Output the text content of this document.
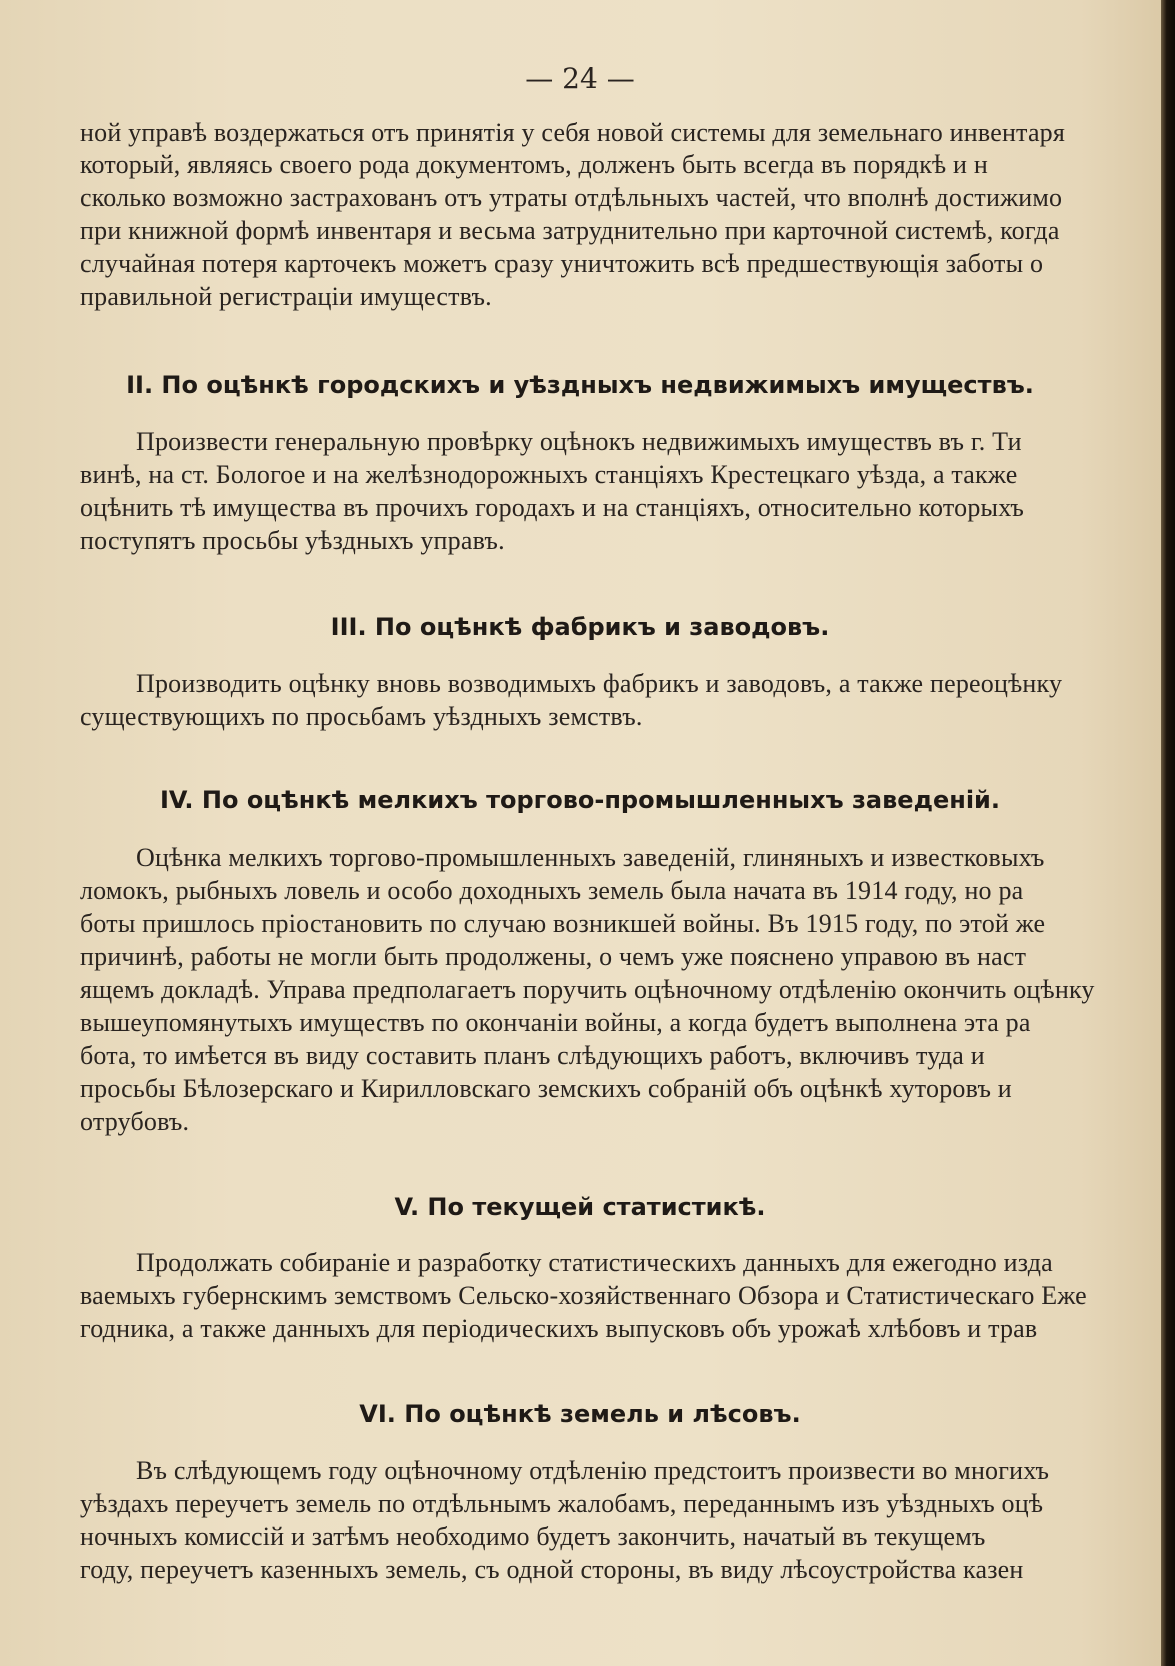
— 24 —
ной управѣ воздержаться отъ принятія у себя новой системы для земельнаго инвентаря
который, являясь своего рода документомъ, долженъ быть всегда въ порядкѣ и н
сколько возможно застрахованъ отъ утраты отдѣльныхъ частей, что вполнѣ достижимо
при книжной формѣ инвентаря и весьма затруднительно при карточной системѣ, когда
случайная потеря карточекъ можетъ сразу уничтожить всѣ предшествующія заботы о
правильной регистраціи имуществъ.
II. По оцѣнкѣ городскихъ и уѣздныхъ недвижимыхъ имуществъ.
Произвести генеральную провѣрку оцѣнокъ недвижимыхъ имуществъ въ г. Ти
винѣ, на ст. Бологое и на желѣзнодорожныхъ станціяхъ Крестецкаго уѣзда, а также
оцѣнить тѣ имущества въ прочихъ городахъ и на станціяхъ, относительно которыхъ
поступятъ просьбы уѣздныхъ управъ.
III. По оцѣнкѣ фабрикъ и заводовъ.
Производить оцѣнку вновь возводимыхъ фабрикъ и заводовъ, а также переоцѣнку
существующихъ по просьбамъ уѣздныхъ земствъ.
IV. По оцѣнкѣ мелкихъ торгово-промышленныхъ заведеній.
Оцѣнка мелкихъ торгово-промышленныхъ заведеній, глиняныхъ и известковыхъ
ломокъ, рыбныхъ ловель и особо доходныхъ земель была начата въ 1914 году, но ра
боты пришлось пріостановить по случаю возникшей войны. Въ 1915 году, по этой же
причинѣ, работы не могли быть продолжены, о чемъ уже пояснено управою въ наст
ящемъ докладѣ. Управа предполагаетъ поручить оцѣночному отдѣленію окончить оцѣнку
вышеупомянутыхъ имуществъ по окончаніи войны, а когда будетъ выполнена эта ра
бота, то имѣется въ виду составить планъ слѣдующихъ работъ, включивъ туда и
просьбы Бѣлозерскаго и Кирилловскаго земскихъ собраній объ оцѣнкѣ хуторовъ и
отрубовъ.
V. По текущей статистикѣ.
Продолжать собираніе и разработку статистическихъ данныхъ для ежегодно изда
ваемыхъ губернскимъ земствомъ Сельско-хозяйственнаго Обзора и Статистическаго Еже
годника, а также данныхъ для періодическихъ выпусковъ объ урожаѣ хлѣбовъ и трав
VI. По оцѣнкѣ земель и лѣсовъ.
Въ слѣдующемъ году оцѣночному отдѣленію предстоитъ произвести во многихъ
уѣздахъ переучетъ земель по отдѣльнымъ жалобамъ, переданнымъ изъ уѣздныхъ оцѣ
ночныхъ комиссій и затѣмъ необходимо будетъ закончить, начатый въ текущемъ
году, переучетъ казенныхъ земель, съ одной стороны, въ виду лѣсоустройства казен
